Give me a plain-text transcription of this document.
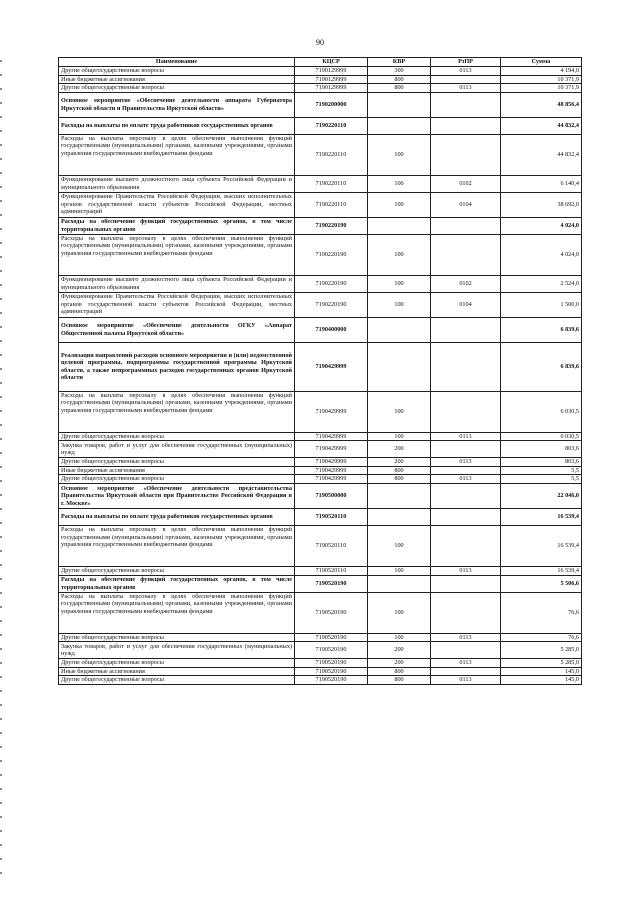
90
Наименование	КЦСР	КВР	РзПР	Сумма
Другие общегосударственные вопросы	7190129999	300	0113	4 194,0
Иные бюджетные ассигнования	7190129999	800		10 371,9
Другие общегосударственные вопросы	7190129999	800	0113	10 371,9
Основное мероприятие «Обеспечение деятельности аппарата Губернатора Иркутской области и Правительства Иркутской области»	7190200000			48 856,4
Расходы на выплаты по оплате труда работников государственных органов	7190220110			44 832,4
Расходы на выплаты персоналу в целях обеспечения выполнения функций государственными (муниципальными) органами, казенными учреждениями, органами управления государственными внебюджетными фондами	7190220110	100		44 832,4
Функционирование высшего должностного лица субъекта Российской Федерации и муниципального образования	7190220110	100	0102	6 140,4
Функционирование Правительства Российской Федерации, высших исполнительных органов государственной власти субъектов Российской Федерации, местных администраций	7190220110	100	0104	38 692,0
Расходы на обеспечение функций государственных органов, в том числе территориальных органов	7190220190			4 024,0
Расходы на выплаты персоналу в целях обеспечения выполнения функций государственными (муниципальными) органами, казенными учреждениями, органами управления государственными внебюджетными фондами	7190220190	100		4 024,0
Функционирование высшего должностного лица субъекта Российской Федерации и муниципального образования	7190220190	100	0102	2 524,0
Функционирование Правительства Российской Федерации, высших исполнительных органов государственной власти субъектов Российской Федерации, местных администраций	7190220190	100	0104	1 500,0
Основное мероприятие «Обеспечение деятельности ОГКУ «Аппарат Общественной палаты Иркутской области»	7190400000			6 839,6
Реализация направлений расходов основного мероприятия и (или) ведомственной целевой программы, подпрограммы государственной программы Иркутской области, а также непрограммных расходов государственных органов Иркутской области	7190429999			6 839,6
Расходы на выплаты персоналу в целях обеспечения выполнения функций государственными (муниципальными) органами, казенными учреждениями, органами управления государственными внебюджетными фондами	7190429999	100		6 030,5
Другие общегосударственные вопросы	7190429999	100	0113	6 030,5
Закупка товаров, работ и услуг для обеспечения государственных (муниципальных) нужд	7190429999	200		803,6
Другие общегосударственные вопросы	7190429999	200	0113	803,6
Иные бюджетные ассигнования	7190429999	800		5,5
Другие общегосударственные вопросы	7190429999	800	0113	5,5
Основное мероприятие «Обеспечение деятельности представительства Правительства Иркутской области при Правительстве Российской Федерации в г. Москве»	7190500000			22 046,0
Расходы на выплаты по оплате труда работников государственных органов	7190520110			16 539,4
Расходы на выплаты персоналу в целях обеспечения выполнения функций государственными (муниципальными) органами, казенными учреждениями, органами управления государственными внебюджетными фондами	7190520110	100		16 539,4
Другие общегосударственные вопросы	7190520110	100	0113	16 539,4
Расходы на обеспечение функций государственных органов, в том числе территориальных органов	7190520190			5 506,6
Расходы на выплаты персоналу в целях обеспечения выполнения функций государственными (муниципальными) органами, казенными учреждениями, органами управления государственными внебюджетными фондами	7190520190	100		76,6
Другие общегосударственные вопросы	7190520190	100	0113	76,6
Закупка товаров, работ и услуг для обеспечения государственных (муниципальных) нужд	7190520190	200		5 285,0
Другие общегосударственные вопросы	7190520190	200	0113	5 285,0
Иные бюджетные ассигнования	7190520190	800		145,0
Другие общегосударственные вопросы	7190520190	800	0113	145,0
